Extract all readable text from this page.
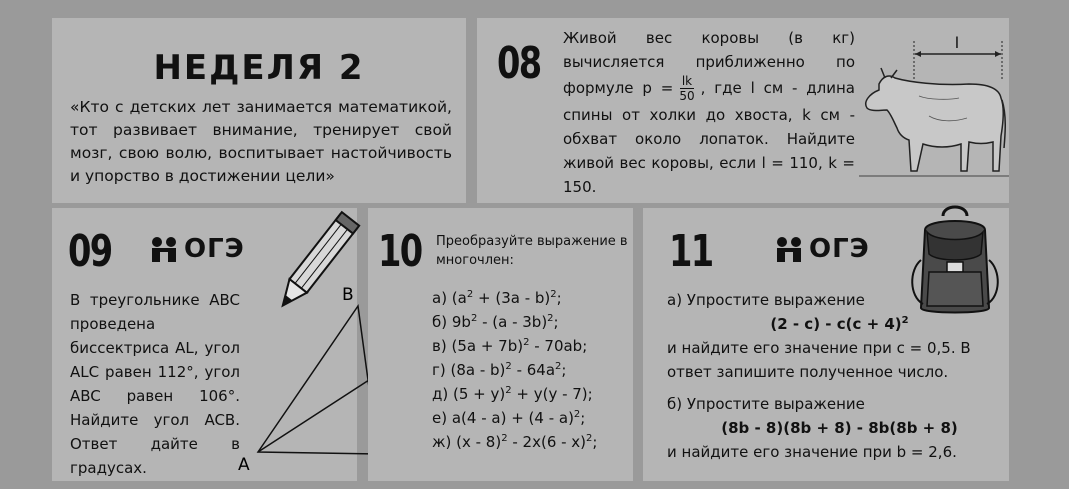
НЕДЕЛЯ 2
«Кто с детских лет занимается математикой, тот развивает внимание, тренирует свой мозг, свою волю, воспитывает настойчивость и упорство в достижении цели»
08 Живой вес коровы (в кг) вычисляется приближенно по формуле $p = \frac{lk}{50}$ , где l см - длина спины от холки до хвоста, k см - обхват около лопаток. Найдите живой вес коровы, если l = 110, k = 150.
l
09	ОГЭ
В треугольнике ABC проведена биссектриса AL, угол ALC равен 112°, угол ABC равен 106°. Найдите угол ACB. Ответ дайте в градусах.
B
A
10 Преобразуйте выражение в многочлен:
а) ($a^2 + (3a - b)^2$;
б) $9b^2 - (a - 3b)^2$;
в) $(5a + 7b)^2 - 70ab$;
г) $(8a - b)^2 - 64a^2$;
д) $(5 + y)^2 + y(y - 7)$;
е) a(4 - a) + (4 - a)$^2$;
ж) (x - 8)$^2$ - 2x(6 - x)$^2$;
11	ОГЭ
а) Упростите выражение
$(2 - c) - c(c + 4)^2$
и найдите его значение при c = 0,5. В ответ запишите полученное число.
б) Упростите выражение
(8b - 8)(8b + 8) - 8b(8b + 8)
и найдите его значение при b = 2,6.
